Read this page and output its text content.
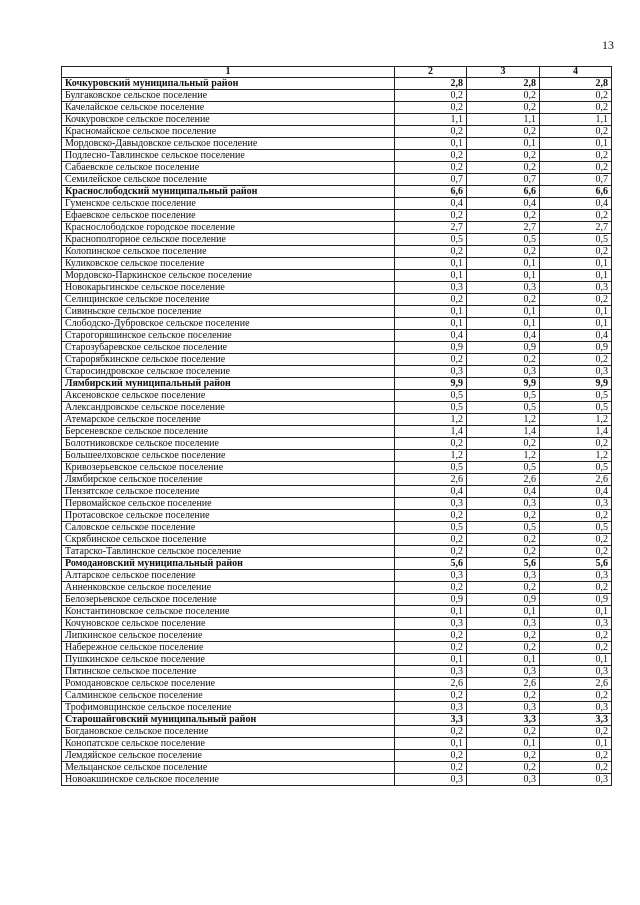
13
1	2	3	4
Кочкуровский муниципальный район	2,8	2,8	2,8
Булгаковское сельское поселение	0,2	0,2	0,2
Качелайское сельское поселение	0,2	0,2	0,2
Кочкуровское сельское поселение	1,1	1,1	1,1
Красномайское сельское поселение	0,2	0,2	0,2
Мордовско-Давыдовское сельское поселение	0,1	0,1	0,1
Подлесно-Тавлинское сельское поселение	0,2	0,2	0,2
Сабаевское сельское поселение	0,2	0,2	0,2
Семилейское сельское поселение	0,7	0,7	0,7
Краснослободский муниципальный район	6,6	6,6	6,6
Гуменское сельское поселение	0,4	0,4	0,4
Ефаевское сельское поселение	0,2	0,2	0,2
Краснослободское городское поселение	2,7	2,7	2,7
Краснополгорное сельское поселение	0,5	0,5	0,5
Колопинское сельское поселение	0,2	0,2	0,2
Куликовское сельское поселение	0,1	0,1	0,1
Мордовско-Паркинское сельское поселение	0,1	0,1	0,1
Новокарьгинское сельское поселение	0,3	0,3	0,3
Селищинское сельское поселение	0,2	0,2	0,2
Сивиньское сельское поселение	0,1	0,1	0,1
Слободско-Дубровское сельское поселение	0,1	0,1	0,1
Старогоряшинское сельское поселение	0,4	0,4	0,4
Старозубаревское сельское поселение	0,9	0,9	0,9
Старорябкинское сельское поселение	0,2	0,2	0,2
Старосиндровское сельское поселение	0,3	0,3	0,3
Лямбирский муниципальный район	9,9	9,9	9,9
Аксеновское сельское поселение	0,5	0,5	0,5
Александровское сельское поселение	0,5	0,5	0,5
Атемарское сельское поселение	1,2	1,2	1,2
Берсеневское сельское поселение	1,4	1,4	1,4
Болотниковское сельское поселение	0,2	0,2	0,2
Большеелховское сельское поселение	1,2	1,2	1,2
Кривозерьевское сельское поселение	0,5	0,5	0,5
Лямбирское сельское поселение	2,6	2,6	2,6
Пензятское сельское поселение	0,4	0,4	0,4
Первомайское сельское поселение	0,3	0,3	0,3
Протасовское сельское поселение	0,2	0,2	0,2
Саловское сельское поселение	0,5	0,5	0,5
Скрябинское сельское поселение	0,2	0,2	0,2
Татарско-Тавлинское сельское поселение	0,2	0,2	0,2
Ромодановский муниципальный район	5,6	5,6	5,6
Алтарское сельское поселение	0,3	0,3	0,3
Анненковское сельское поселение	0,2	0,2	0,2
Белозерьевское сельское поселение	0,9	0,9	0,9
Константиновское сельское поселение	0,1	0,1	0,1
Кочуновское сельское поселение	0,3	0,3	0,3
Липкинское сельское поселение	0,2	0,2	0,2
Набережное сельское поселение	0,2	0,2	0,2
Пушкинское сельское поселение	0,1	0,1	0,1
Пятинское сельское поселение	0,3	0,3	0,3
Ромодановское сельское поселение	2,6	2,6	2,6
Салминское сельское поселение	0,2	0,2	0,2
Трофимовщинское сельское поселение	0,3	0,3	0,3
Старошайговский муниципальный район	3,3	3,3	3,3
Богдановское сельское поселение	0,2	0,2	0,2
Конопатское сельское поселение	0,1	0,1	0,1
Лемдяйское сельское поселение	0,2	0,2	0,2
Мельцанское сельское поселение	0,2	0,2	0,2
Новоакшинское сельское поселение	0,3	0,3	0,3
